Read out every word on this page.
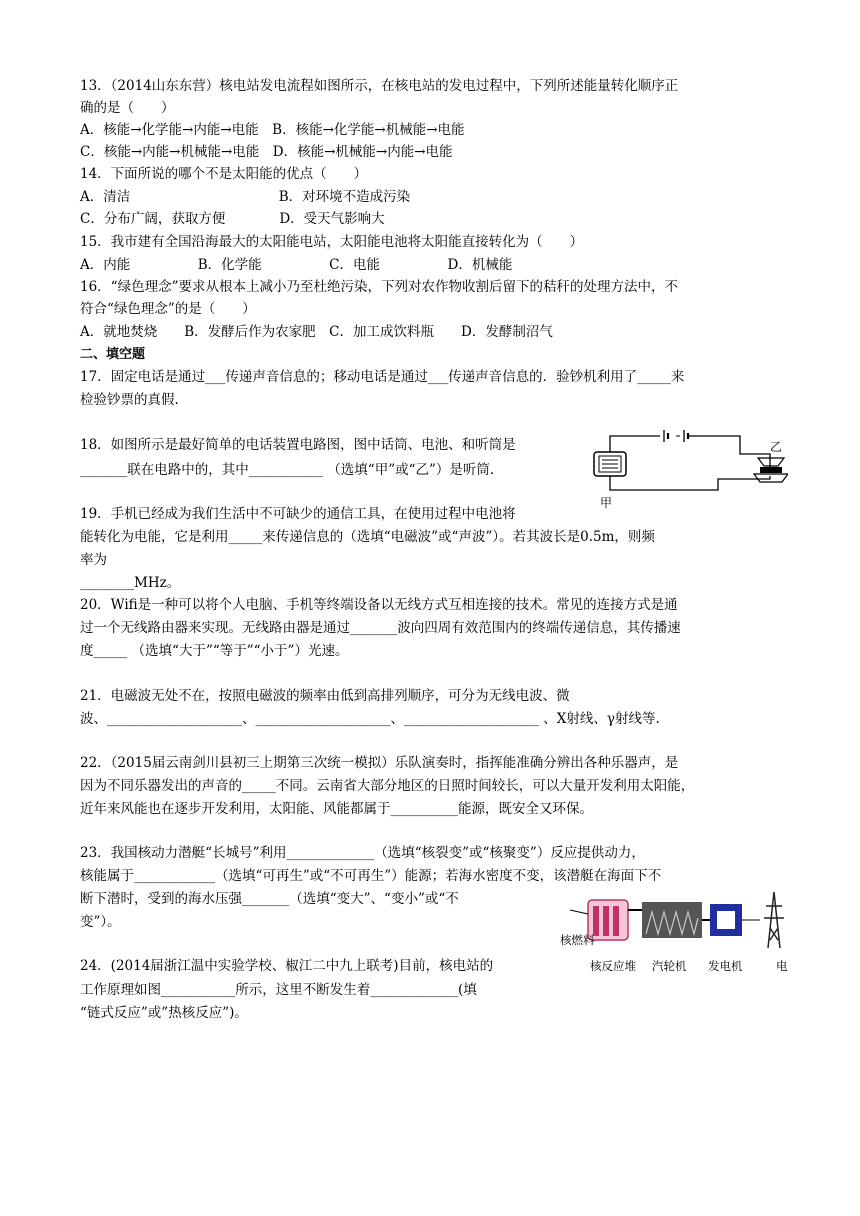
13．（2014山东东营）核电站发电流程如图所示，在核电站的发电过程中，下列所述能量转化顺序正
确的是（　　）
A．核能→化学能→内能→电能　B．核能→化学能→机械能→电能
C．核能→内能→机械能→电能　D．核能→机械能→内能→电能
14．下面所说的哪个不是太阳能的优点（　　）
A．清洁　　　　　　　　　　　B．对环境不造成污染
C．分布广阔，获取方便　　　　D．受天气影响大
15．我市建有全国沿海最大的太阳能电站，太阳能电池将太阳能直接转化为（　　）
A．内能　　　　　B．化学能　　　　　C．电能　　　　　D．机械能
16．“绿色理念”要求从根本上减小乃至杜绝污染，下列对农作物收割后留下的秸秆的处理方法中，不
符合“绿色理念”的是（　　）
A．就地焚烧　　B．发酵后作为农家肥　C．加工成饮料瓶　　D．发酵制沼气
二、填空题
17．固定电话是通过___传递声音信息的；移动电话是通过___传递声音信息的．验钞机利用了_____来
检验钞票的真假.
18．如图所示是最好简单的电话装置电路图，图中话筒、电池、和听筒是
_______联在电路中的，其中___________ （选填“甲”或“乙”）是听筒.
甲
乙
19．手机已经成为我们生活中不可缺少的通信工具，在使用过程中电池将
能转化为电能，它是利用_____来传递信息的（选填“电磁波”或“声波”）。若其波长是0.5m，则频
率为
________MHz。
20．Wifi是一种可以将个人电脑、手机等终端设备以无线方式互相连接的技术。常见的连接方式是通
过一个无线路由器来实现。无线路由器是通过_______波向四周有效范围内的终端传递信息，其传播速
度_____ （选填“大于”“等于”“小于”）光速。
21．电磁波无处不在，按照电磁波的频率由低到高排列顺序，可分为无线电波、微
波、____________________、____________________、____________________ 、X射线、γ射线等.
22．（2015届云南剑川县初三上期第三次统一模拟）乐队演奏时，指挥能准确分辨出各种乐器声，是
因为不同乐器发出的声音的_____不同。云南省大部分地区的日照时间较长，可以大量开发利用太阳能，
近年来风能也在逐步开发利用，太阳能、风能都属于__________能源，既安全又环保。
23．我国核动力潜艇“长城号”利用_____________（选填“核裂变”或“核聚变”）反应提供动力，
核能属于____________（选填“可再生”或“不可再生”）能源；若海水密度不变，该潜艇在海面下不
断下潜时，受到的海水压强_______（选填“变大”、“变小”或“不
变”）。
24．(2014届浙江温中实验学校、椒江二中九上联考)目前，核电站的
工作原理如图___________所示，这里不断发生着_____________(填
“链式反应”或”热核反应”)。
核燃料
核反应堆 汽轮机 发电机	电
